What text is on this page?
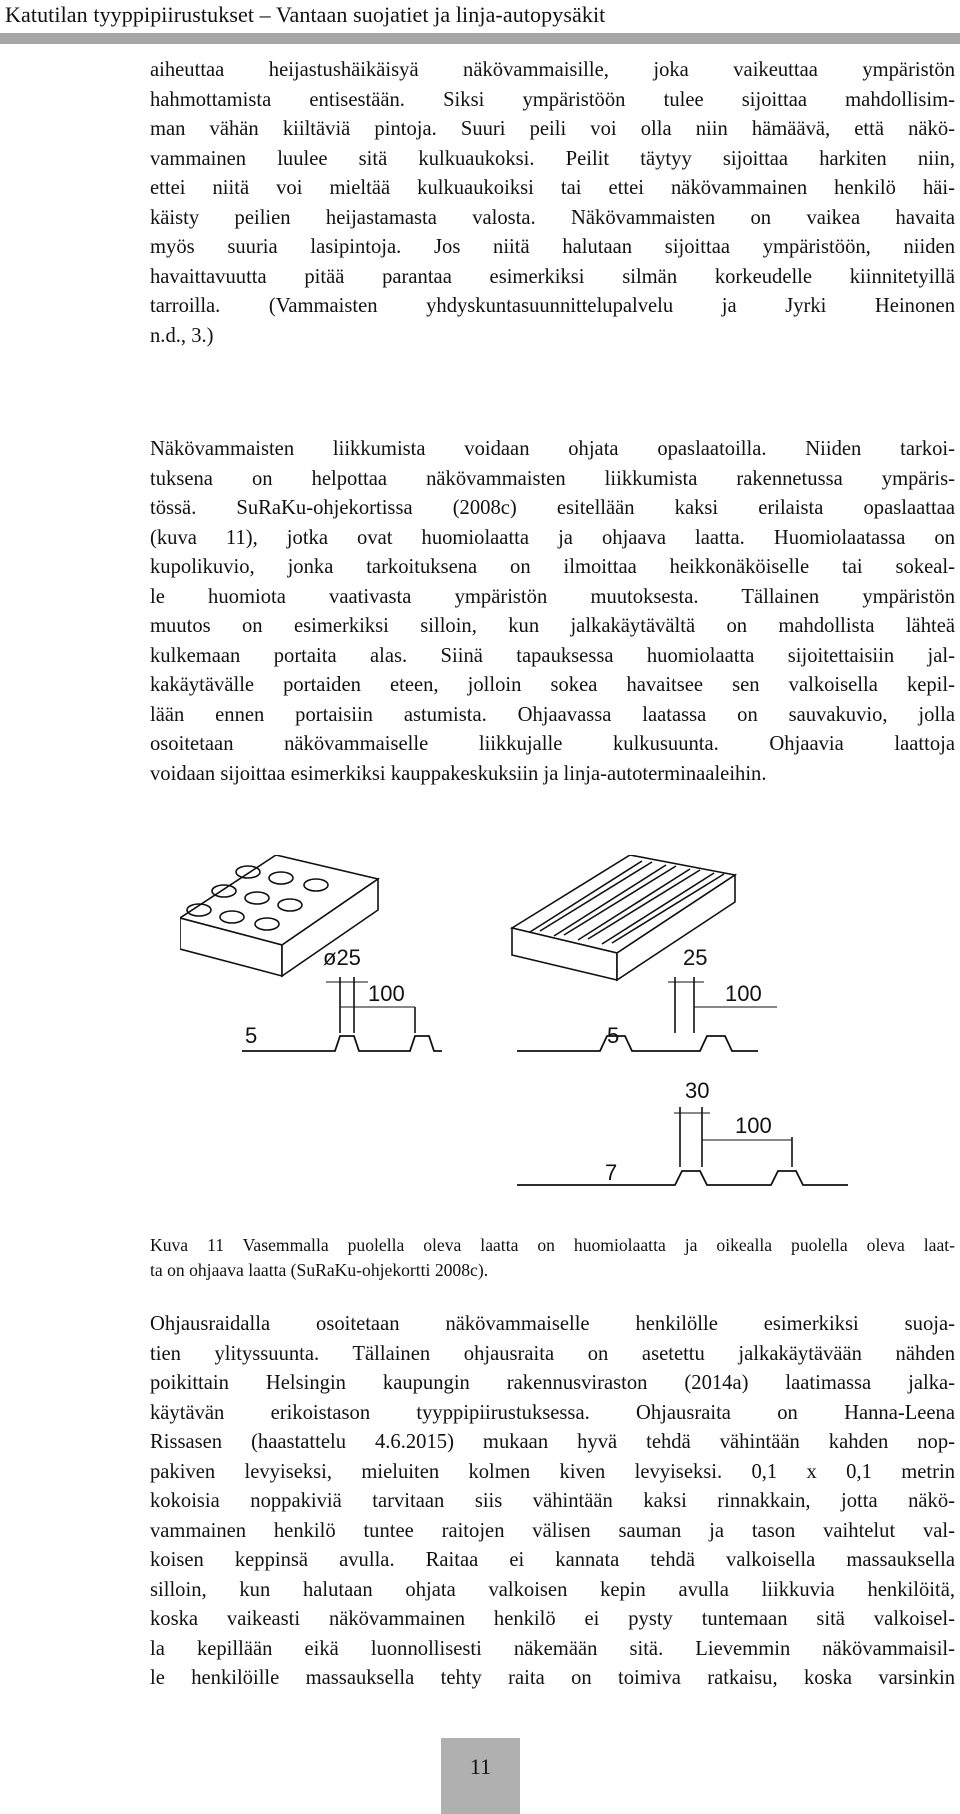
Katutilan tyyppipiirustukset – Vantaan suojatiet ja linja-autopysäkit
aiheuttaa heijastushäikäisyä näkövammaisille, joka vaikeuttaa ympäristön
hahmottamista entisestään. Siksi ympäristöön tulee sijoittaa mahdollisim-
man vähän kiiltäviä pintoja. Suuri peili voi olla niin hämäävä, että näkö-
vammainen luulee sitä kulkuaukoksi. Peilit täytyy sijoittaa harkiten niin,
ettei niitä voi mieltää kulkuaukoiksi tai ettei näkövammainen henkilö häi-
käisty peilien heijastamasta valosta. Näkövammaisten on vaikea havaita
myös suuria lasipintoja. Jos niitä halutaan sijoittaa ympäristöön, niiden
havaittavuutta pitää parantaa esimerkiksi silmän korkeudelle kiinnitetyillä
tarroilla. (Vammaisten yhdyskuntasuunnittelupalvelu ja Jyrki Heinonen
n.d., 3.)
Näkövammaisten liikkumista voidaan ohjata opaslaatoilla. Niiden tarkoi-
tuksena on helpottaa näkövammaisten liikkumista rakennetussa ympäris-
tössä. SuRaKu-ohjekortissa (2008c) esitellään kaksi erilaista opaslaattaa
(kuva 11), jotka ovat huomiolaatta ja ohjaava laatta. Huomiolaatassa on
kupolikuvio, jonka tarkoituksena on ilmoittaa heikkonäköiselle tai sokeal-
le huomiota vaativasta ympäristön muutoksesta. Tällainen ympäristön
muutos on esimerkiksi silloin, kun jalkakäytävältä on mahdollista lähteä
kulkemaan portaita alas. Siinä tapauksessa huomiolaatta sijoitettaisiin jal-
kakäytävälle portaiden eteen, jolloin sokea havaitsee sen valkoisella kepil-
lään ennen portaisiin astumista. Ohjaavassa laatassa on sauvakuvio, jolla
osoitetaan näkövammaiselle liikkujalle kulkusuunta. Ohjaavia laattoja
voidaan sijoittaa esimerkiksi kauppakeskuksiin ja linja-autoterminaaleihin.
ø25
100
5
25
100
5
30
100
7
Kuva 11 Vasemmalla puolella oleva laatta on huomiolaatta ja oikealla puolella oleva laat-
ta on ohjaava laatta (SuRaKu-ohjekortti 2008c).
Ohjausraidalla osoitetaan näkövammaiselle henkilölle esimerkiksi suoja-
tien ylityssuunta. Tällainen ohjausraita on asetettu jalkakäytävään nähden
poikittain Helsingin kaupungin rakennusviraston (2014a) laatimassa jalka-
käytävän erikoistason tyyppipiirustuksessa. Ohjausraita on Hanna-Leena
Rissasen (haastattelu 4.6.2015) mukaan hyvä tehdä vähintään kahden nop-
pakiven levyiseksi, mieluiten kolmen kiven levyiseksi. 0,1 x 0,1 metrin
kokoisia noppakiviä tarvitaan siis vähintään kaksi rinnakkain, jotta näkö-
vammainen henkilö tuntee raitojen välisen sauman ja tason vaihtelut val-
koisen keppinsä avulla. Raitaa ei kannata tehdä valkoisella massauksella
silloin, kun halutaan ohjata valkoisen kepin avulla liikkuvia henkilöitä,
koska vaikeasti näkövammainen henkilö ei pysty tuntemaan sitä valkoisel-
la kepillään eikä luonnollisesti näkemään sitä. Lievemmin näkövammaisil-
le henkilöille massauksella tehty raita on toimiva ratkaisu, koska varsinkin
11
